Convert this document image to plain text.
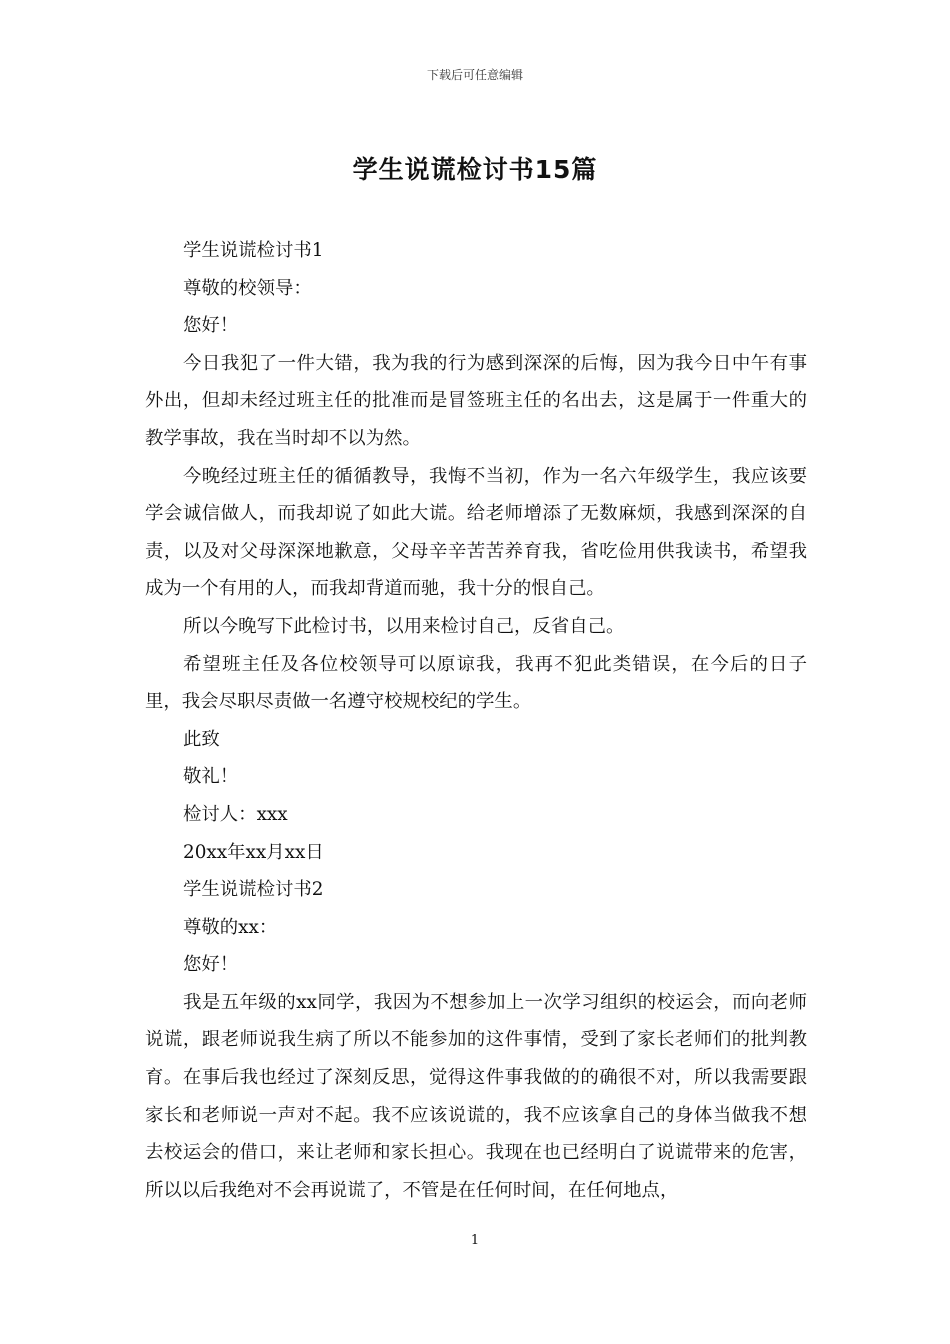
下载后可任意编辑
学生说谎检讨书15篇

学生说谎检讨书1

尊敬的校领导：

您好！

今日我犯了一件大错，我为我的行为感到深深的后悔，因为我今日中午有事外出，但却未经过班主任的批准而是冒签班主任的名出去，这是属于一件重大的教学事故，我在当时却不以为然。

今晚经过班主任的循循教导，我悔不当初，作为一名六年级学生，我应该要学会诚信做人，而我却说了如此大谎。给老师增添了无数麻烦，我感到深深的自责，以及对父母深深地歉意，父母辛辛苦苦养育我，省吃俭用供我读书，希望我成为一个有用的人，而我却背道而驰，我十分的恨自己。

所以今晚写下此检讨书，以用来检讨自己，反省自己。

希望班主任及各位校领导可以原谅我，我再不犯此类错误，在今后的日子里，我会尽职尽责做一名遵守校规校纪的学生。

此致

敬礼！

检讨人：xxx

20xx年xx月xx日

学生说谎检讨书2

尊敬的xx：

您好！

我是五年级的xx同学，我因为不想参加上一次学习组织的校运会，而向老师说谎，跟老师说我生病了所以不能参加的这件事情，受到了家长老师们的批判教育。在事后我也经过了深刻反思，觉得这件事我做的的确很不对，所以我需要跟家长和老师说一声对不起。我不应该说谎的，我不应该拿自己的身体当做我不想去校运会的借口，来让老师和家长担心。我现在也已经明白了说谎带来的危害，所以以后我绝对不会再说谎了，不管是在任何时间，在任何地点，

1
